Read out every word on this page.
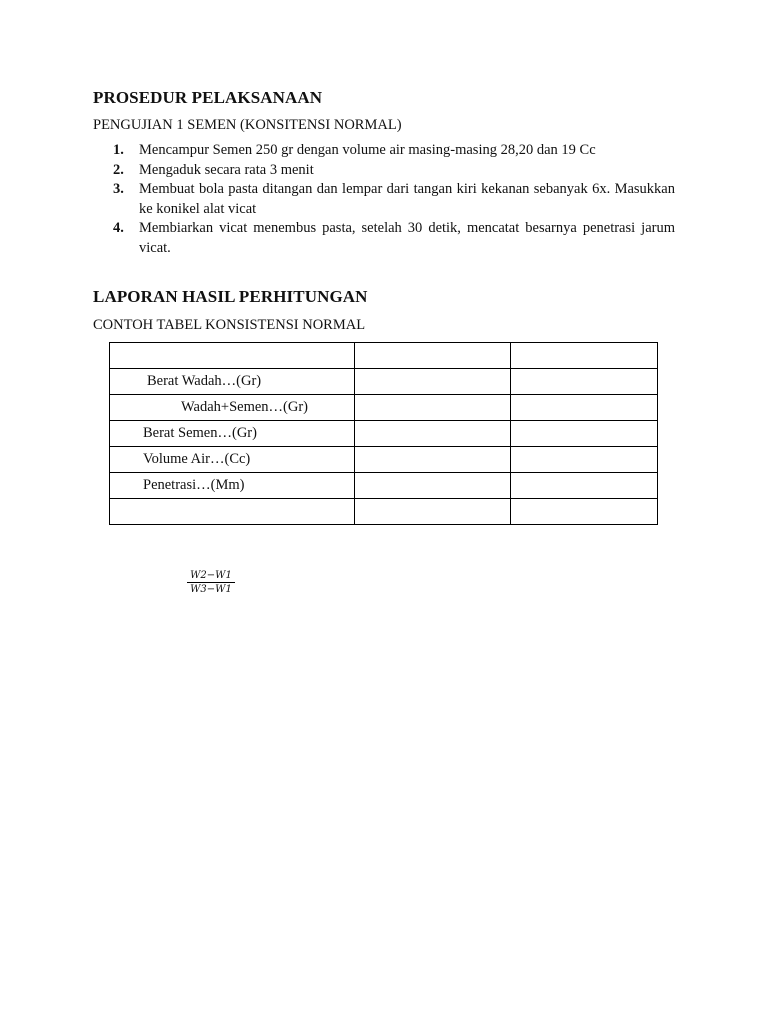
PROSEDUR PELAKSANAAN
PENGUJIAN 1 SEMEN (KONSITENSI NORMAL)
1.	Mencampur Semen 250 gr dengan volume air masing-masing 28,20 dan 19 Cc
2.	Mengaduk secara rata 3 menit
3.	Membuat bola pasta ditangan dan lempar dari tangan kiri kekanan sebanyak 6x. Masukkan ke konikel alat vicat
4.	Membiarkan vicat menembus pasta, setelah 30 detik, mencatat besarnya penetrasi jarum vicat.
LAPORAN HASIL PERHITUNGAN
CONTOH TABEL KONSISTENSI NORMAL

Berat Wadah…(Gr)		
Wadah+Semen…(Gr)		
Berat Semen…(Gr)		
Volume Air…(Cc)		
Penetrasi…(Mm)		

$\frac{W2-W1}{W3-W1}$
